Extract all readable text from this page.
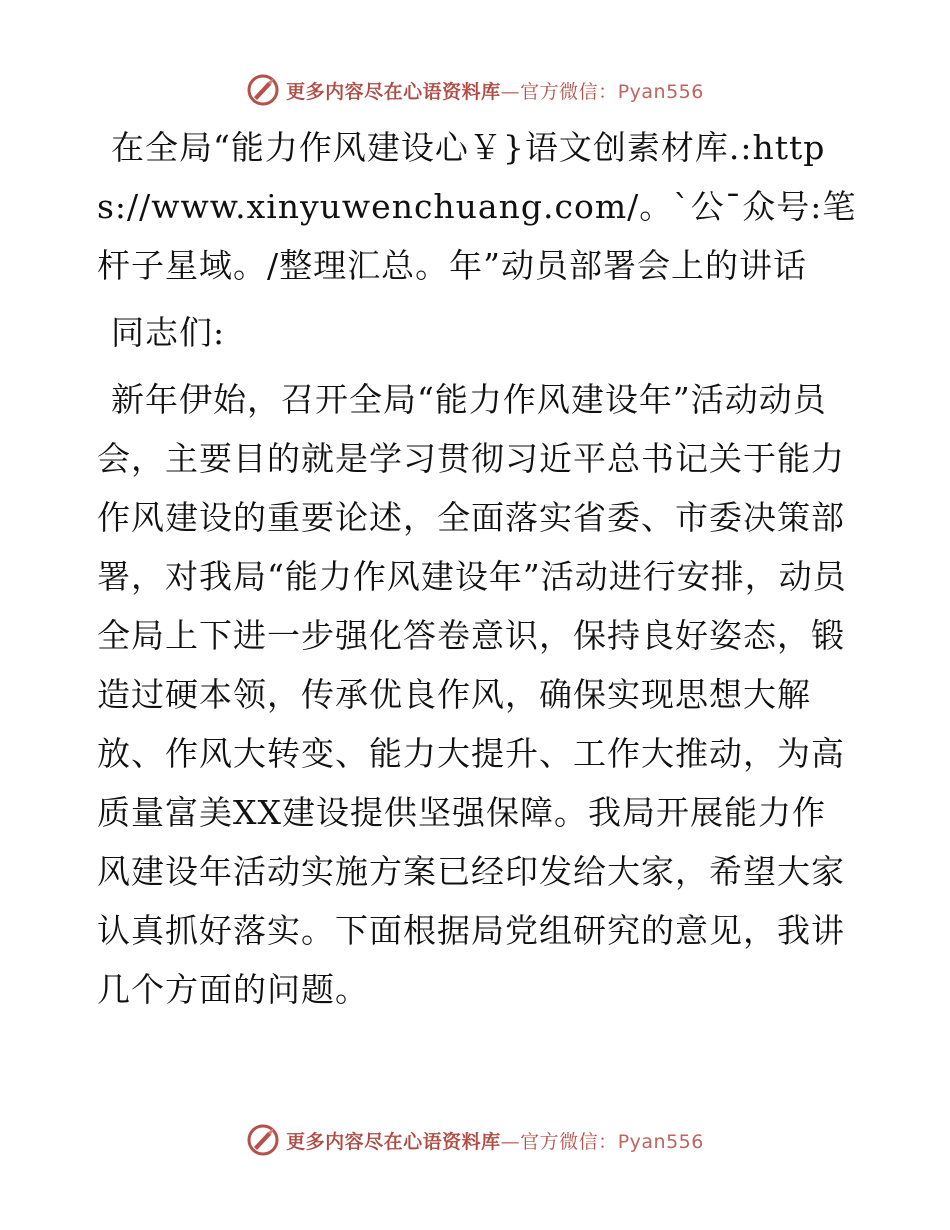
更多内容尽在心语资料库—官方微信：Pyan556

在全局“能力作风建设心￥}语文创素材库.:https://www.xinyuwenchuang.com/。`公¯众号:笔杆子星域。/整理汇总。年”动员部署会上的讲话

同志们:

新年伊始，召开全局“能力作风建设年”活动动员会，主要目的就是学习贯彻习近平总书记关于能力作风建设的重要论述，全面落实省委、市委决策部署，对我局“能力作风建设年”活动进行安排，动员全局上下进一步强化答卷意识，保持良好姿态，锻造过硬本领，传承优良作风，确保实现思想大解放、作风大转变、能力大提升、工作大推动，为高质量富美XX建设提供坚强保障。我局开展能力作风建设年活动实施方案已经印发给大家，希望大家认真抓好落实。下面根据局党组研究的意见，我讲几个方面的问题。

更多内容尽在心语资料库—官方微信：Pyan556
